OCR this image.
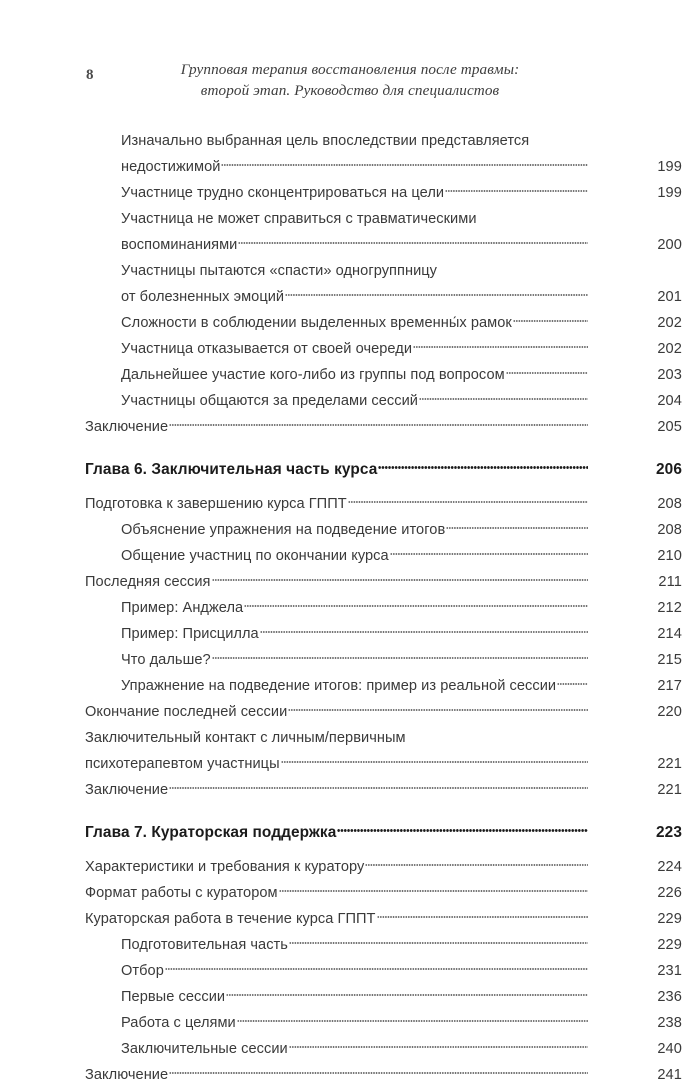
8	Групповая терапия восстановления после травмы:
второй этап. Руководство для специалистов
Изначально выбранная цель впоследствии представляется
недостижимой	199
Участнице трудно сконцентрироваться на цели	199
Участница не может справиться с травматическими
воспоминаниями	200
Участницы пытаются «спасти» одногруппницу
от болезненных эмоций	201
Сложности в соблюдении выделенных временны́х рамок	202
Участница отказывается от своей очереди	202
Дальнейшее участие кого-либо из группы под вопросом	203
Участницы общаются за пределами сессий	204
Заключение	205
Глава 6. Заключительная часть курса	206
Подготовка к завершению курса ГППТ	208
Объяснение упражнения на подведение итогов	208
Общение участниц по окончании курса	210
Последняя сессия	211
Пример: Анджела	212
Пример: Присцилла	214
Что дальше?	215
Упражнение на подведение итогов: пример из реальной сессии	217
Окончание последней сессии	220
Заключительный контакт с личным/первичным
психотерапевтом участницы	221
Заключение	221
Глава 7. Кураторская поддержка	223
Характеристики и требования к куратору	224
Формат работы с куратором	226
Кураторская работа в течение курса ГППТ	229
Подготовительная часть	229
Отбор	231
Первые сессии	236
Работа с целями	238
Заключительные сессии	240
Заключение	241
